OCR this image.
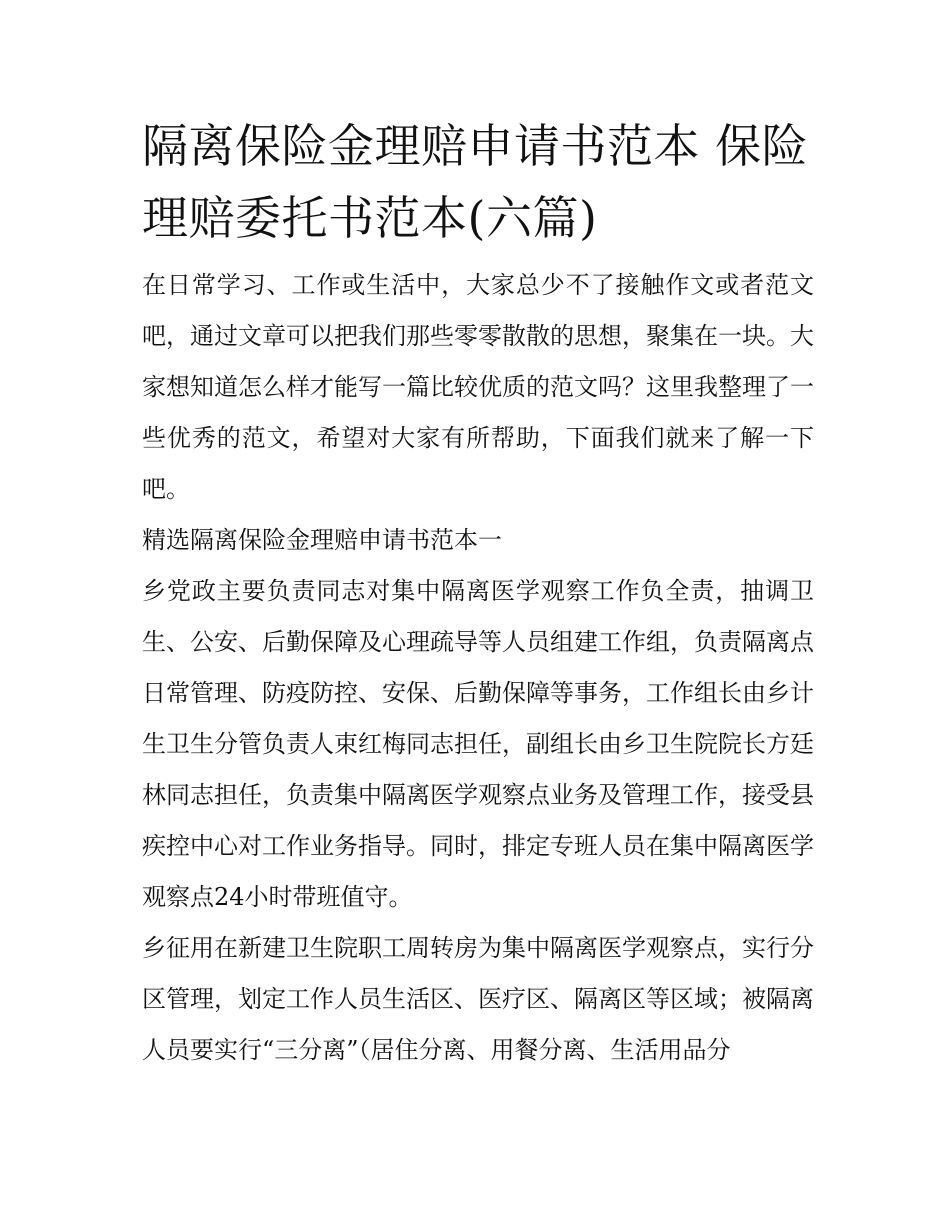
隔离保险金理赔申请书范本 保险理赔委托书范本(六篇)

在日常学习、工作或生活中，大家总少不了接触作文或者范文吧，通过文章可以把我们那些零零散散的思想，聚集在一块。大家想知道怎么样才能写一篇比较优质的范文吗？这里我整理了一些优秀的范文，希望对大家有所帮助，下面我们就来了解一下吧。

精选隔离保险金理赔申请书范本一

乡党政主要负责同志对集中隔离医学观察工作负全责，抽调卫生、公安、后勤保障及心理疏导等人员组建工作组，负责隔离点日常管理、防疫防控、安保、后勤保障等事务，工作组长由乡计生卫生分管负责人束红梅同志担任，副组长由乡卫生院院长方廷林同志担任，负责集中隔离医学观察点业务及管理工作，接受县疾控中心对工作业务指导。同时，排定专班人员在集中隔离医学观察点24小时带班值守。

乡征用在新建卫生院职工周转房为集中隔离医学观察点，实行分区管理，划定工作人员生活区、医疗区、隔离区等区域；被隔离人员要实行“三分离”（居住分离、用餐分离、生活用品分
